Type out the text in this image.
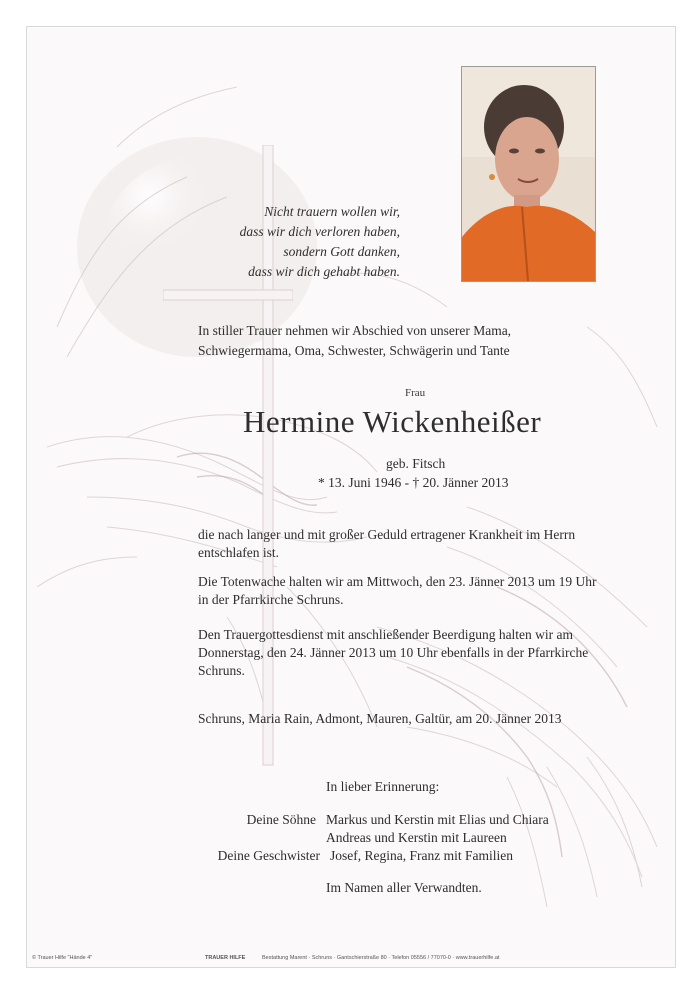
Nicht trauern wollen wir,
dass wir dich verloren haben,
sondern Gott danken,
dass wir dich gehabt haben.
In stiller Trauer nehmen wir Abschied von unserer Mama,
Schwiegermama, Oma, Schwester, Schwägerin und Tante
Frau
Hermine Wickenheißer
geb. Fitsch
* 13. Juni 1946 - † 20. Jänner 2013
die nach langer und mit großer Geduld ertragener Krankheit im Herrn
entschlafen ist.
Die Totenwache halten wir am Mittwoch, den 23. Jänner 2013 um 19 Uhr
in der Pfarrkirche Schruns.
Den Trauergottesdienst mit anschließender Beerdigung halten wir am
Donnerstag, den 24. Jänner 2013 um 10 Uhr ebenfalls in der Pfarrkirche
Schruns.
Schruns, Maria Rain, Admont, Mauren, Galtür, am 20. Jänner 2013
In lieber Erinnerung:
Deine Söhne Markus und Kerstin mit Elias und Chiara
Andreas und Kerstin mit Laureen
Deine Geschwister Josef, Regina, Franz mit Familien
Im Namen aller Verwandten.
© Trauer Hilfe "Hände 4"	TRAUER HILFE	Bestattung Marent · Schruns · Gantschierstraße 80 · Telefon 05556 / 77070-0 · www.trauerhilfe.at
